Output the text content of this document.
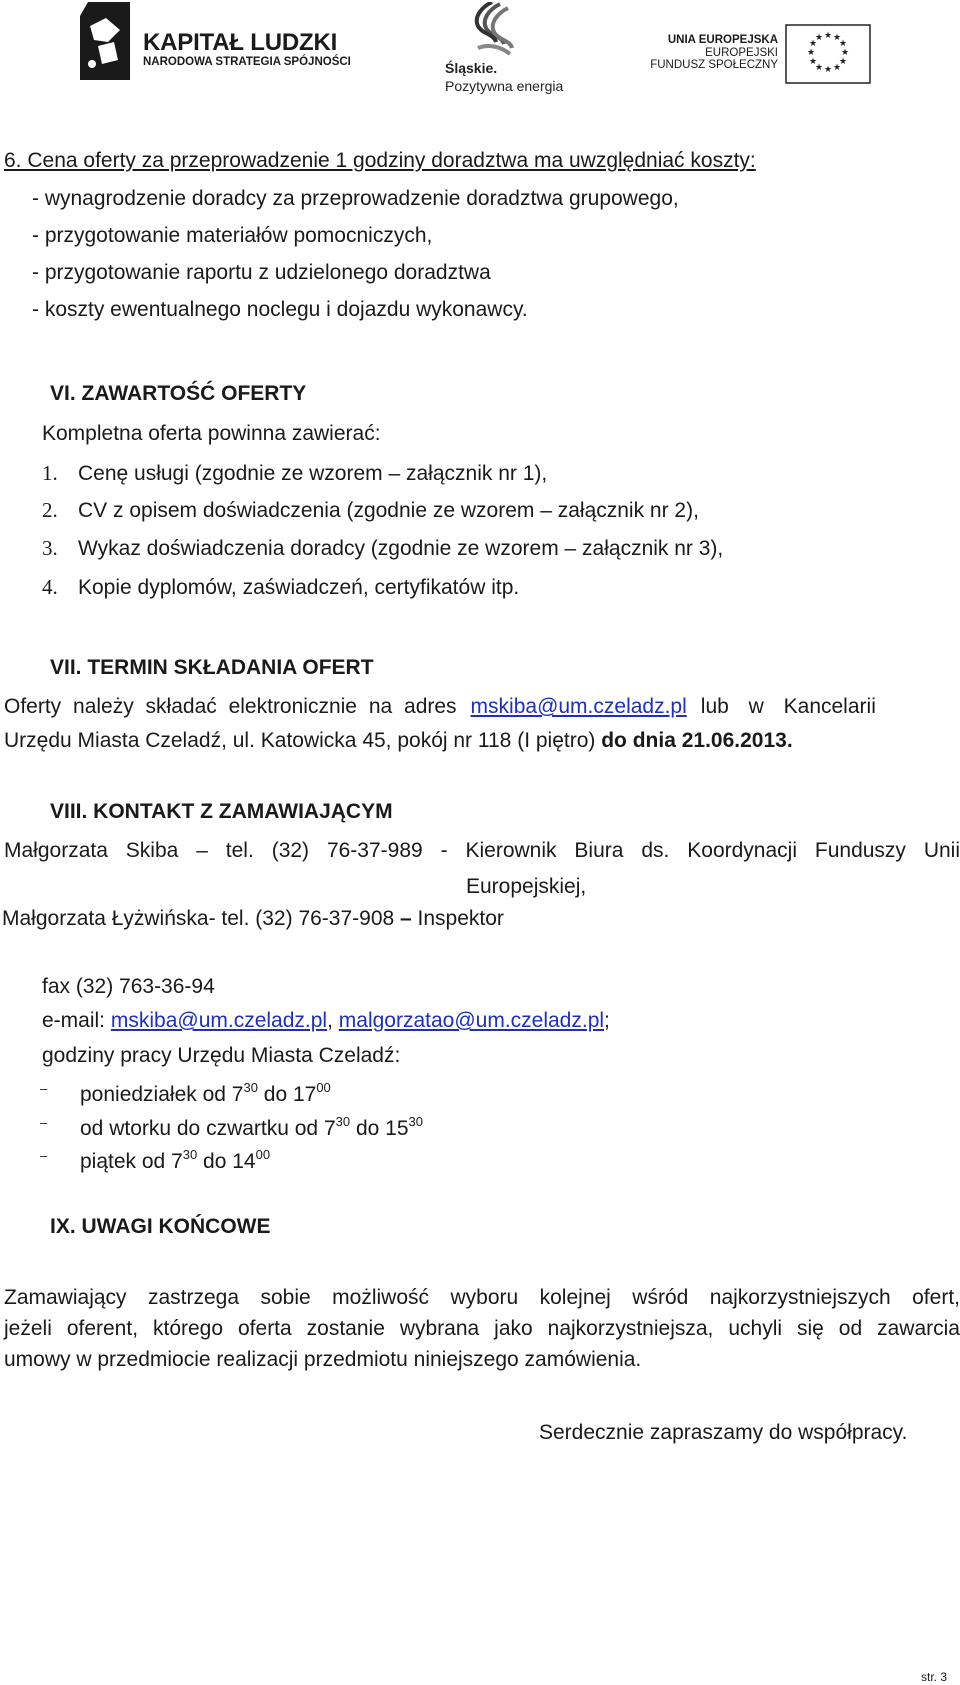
KAPITAŁ LUDZKI
NARODOWA STRATEGIA SPÓJNOŚCI	Śląskie.
Pozytywna energia
UNIA EUROPEJSKA
EUROPEJSKI
FUNDUSZ SPOŁECZNY
★ ★
★
★
★
★
★
★
★
★
★
★
6. Cena oferty za przeprowadzenie 1 godziny doradztwa ma uwzględniać koszty:
- wynagrodzenie doradcy za przeprowadzenie doradztwa grupowego,
- przygotowanie materiałów pomocniczych,
- przygotowanie raportu z udzielonego doradztwa
- koszty ewentualnego noclegu i dojazdu wykonawcy.
VI. ZAWARTOŚĆ OFERTY
Kompletna oferta powinna zawierać:
1. Cenę usługi (zgodnie ze wzorem – załącznik nr 1),
2. CV z opisem doświadczenia (zgodnie ze wzorem – załącznik nr 2),
3. Wykaz doświadczenia doradcy (zgodnie ze wzorem – załącznik nr 3),
4. Kopie dyplomów, zaświadczeń, certyfikatów itp.
VII. TERMIN SKŁADANIA OFERT
Oferty należy składać elektronicznie na adres mskiba@um.czeladz.pl lub w Kancelarii
Urzędu Miasta Czeladź, ul. Katowicka 45, pokój nr 118 (I piętro) do dnia 21.06.2013.
VIII. KONTAKT Z ZAMAWIAJĄCYM
Małgorzata Skiba – tel. (32) 76-37-989 - Kierownik Biura ds. Koordynacji Funduszy Unii
Europejskiej,
Małgorzata Łyżwińska- tel. (32) 76-37-908 – Inspektor
fax (32) 763-36-94
e-mail: mskiba@um.czeladz.pl, malgorzatao@um.czeladz.pl;
godziny pracy Urzędu Miasta Czeladź:
– poniedziałek od $7^{30}$ do $17^{00}$
– od wtorku do czwartku od $7^{30}$ do $15^{30}$
– piątek od $7^{30}$ do $14^{00}$
IX. UWAGI KOŃCOWE
Zamawiający zastrzega sobie możliwość wyboru kolejnej wśród najkorzystniejszych ofert,
jeżeli oferent, którego oferta zostanie wybrana jako najkorzystniejsza, uchyli się od zawarcia
umowy w przedmiocie realizacji przedmiotu niniejszego zamówienia.
Serdecznie zapraszamy do współpracy.
str. 3
